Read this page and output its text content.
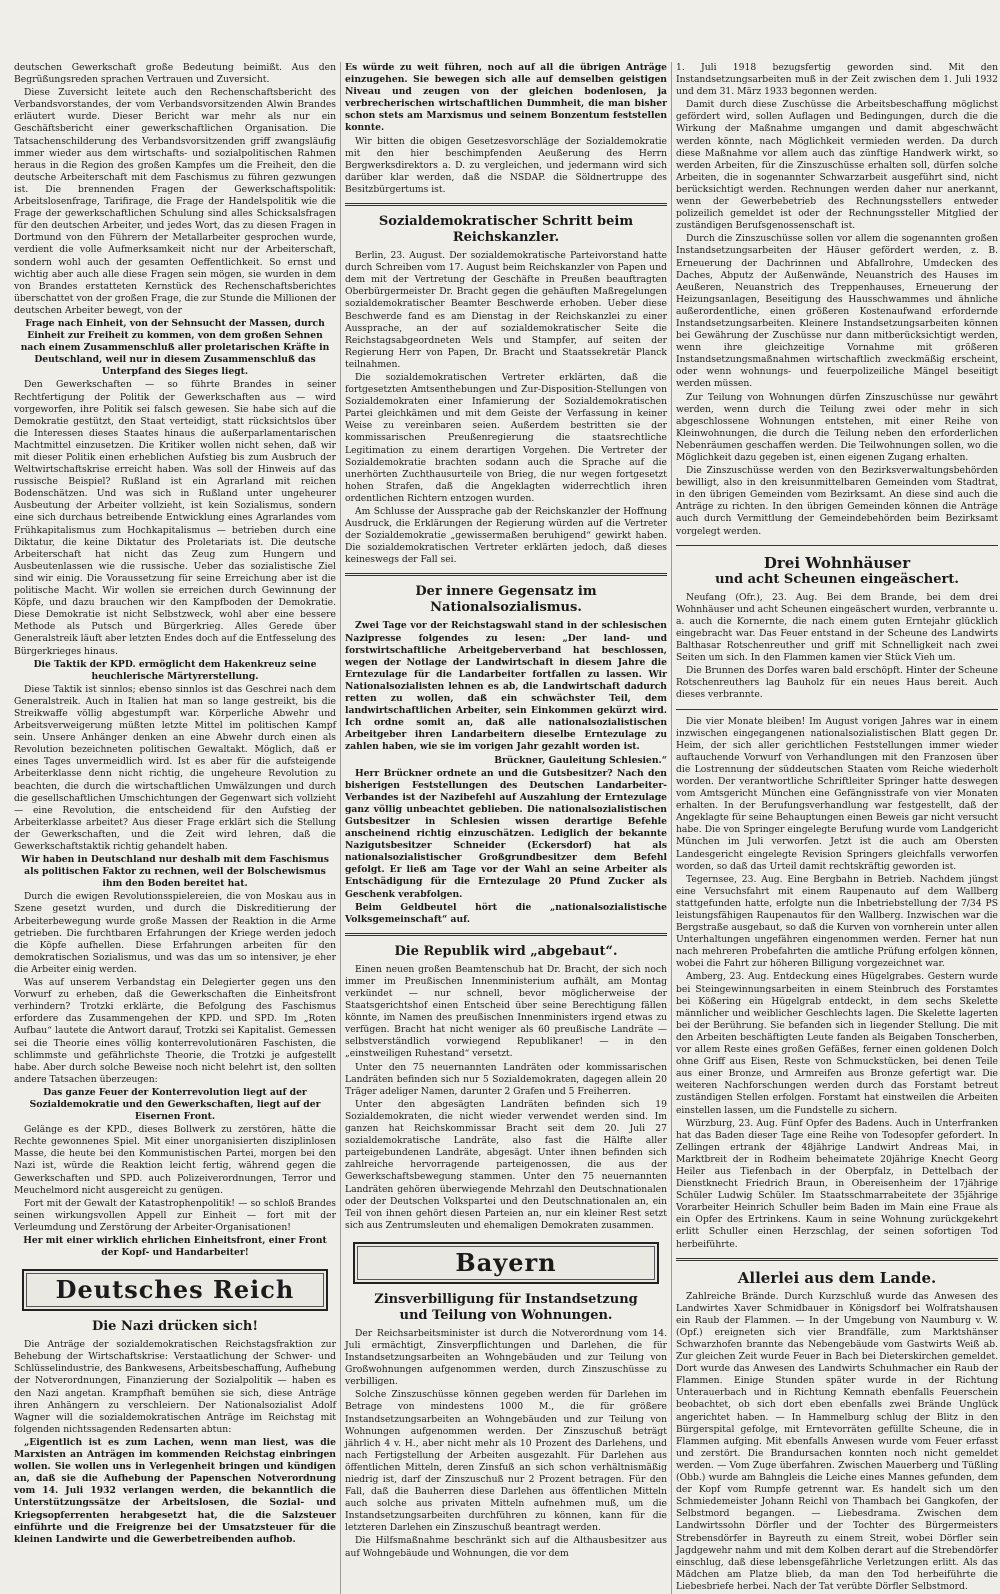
deutschen Gewerkschaft große Bedeutung beimißt. Aus den Begrüßungsreden sprachen Vertrauen und Zuversicht.

Diese Zuversicht leitete auch den Rechenschaftsbericht des Verbandsvorstandes, der vom Verbandsvorsitzenden Alwin Brandes erläutert wurde. Dieser Bericht war mehr als nur ein Geschäftsbericht einer gewerkschaftlichen Organisation. Die Tatsachenschilderung des Verbandsvorsitzenden griff zwangsläufig immer wieder aus dem wirtschafts- und sozialpolitischen Rahmen heraus in die Region des großen Kampfes um die Freiheit, den die deutsche Arbeiterschaft mit dem Faschismus zu führen gezwungen ist. Die brennenden Fragen der Gewerkschaftspolitik: Arbeitslosenfrage, Tarifirage, die Frage der Handelspolitik wie die Frage der gewerkschaftlichen Schulung sind alles Schicksalsfragen für den deutschen Arbeiter, und jedes Wort, das zu diesen Fragen in Dortmund von den Führern der Metallarbeiter gesprochen wurde, verdient die volle Aufmerksamkeit nicht nur der Arbeiterschaft, sondern wohl auch der gesamten Oeffentlichkeit. So ernst und wichtig aber auch alle diese Fragen sein mögen, sie wurden in dem von Brandes erstatteten Kernstück des Rechenschaftsberichtes überschattet von der großen Frage, die zur Stunde die Millionen der deutschen Arbeiter bewegt, von der

Frage nach Einheit, von der Sehnsucht der Massen, durch Einheit zur Freiheit zu kommen, von dem großen Sehnen nach einem Zusammenschluß aller proletarischen Kräfte in Deutschland, weil nur in diesem Zusammenschluß das Unterpfand des Sieges liegt.

Den Gewerkschaften — so führte Brandes in seiner Rechtfertigung der Politik der Gewerkschaften aus — wird vorgeworfen, ihre Politik sei falsch gewesen. Sie habe sich auf die Demokratie gestützt, den Staat verteidigt, statt rücksichtslos über die Interessen dieses Staates hinaus die außerparlamentarischen Machtmittel einzusetzen. Die Kritiker wollen nicht sehen, daß wir mit dieser Politik einen erheblichen Aufstieg bis zum Ausbruch der Weltwirtschaftskrise erreicht haben. Was soll der Hinweis auf das russische Beispiel? Rußland ist ein Agrarland mit reichen Bodenschätzen. Und was sich in Rußland unter ungeheurer Ausbeutung der Arbeiter vollzieht, ist kein Sozialismus, sondern eine sich durchaus betreibende Entwicklung eines Agrarlandes vom Frühkapitalismus zum Hochkapitalismus — betrieben durch eine Diktatur, die keine Diktatur des Proletariats ist. Die deutsche Arbeiterschaft hat nicht das Zeug zum Hungern und Ausbeutenlassen wie die russische. Ueber das sozialistische Ziel sind wir einig. Die Voraussetzung für seine Erreichung aber ist die politische Macht. Wir wollen sie erreichen durch Gewinnung der Köpfe, und dazu brauchen wir den Kampfboden der Demokratie. Diese Demokratie ist nicht Selbstzweck, wohl aber eine bessere Methode als Putsch und Bürgerkrieg. Alles Gerede über Generalstreik läuft aber letzten Endes doch auf die Entfesselung des Bürgerkrieges hinaus.

Die Taktik der KPD. ermöglicht dem Hakenkreuz seine heuchlerische Märtyrerstellung.

Diese Taktik ist sinnlos; ebenso sinnlos ist das Geschrei nach dem Generalstreik. Auch in Italien hat man so lange gestreikt, bis die Streikwaffe völlig abgestumpft war. Körperliche Abwehr und Arbeitsverweigerung müßten letzte Mittel im politischen Kampf sein. Unsere Anhänger denken an eine Abwehr durch einen als Revolution bezeichneten politischen Gewaltakt. Möglich, daß er eines Tages unvermeidlich wird. Ist es aber für die aufsteigende Arbeiterklasse denn nicht richtig, die ungeheure Revolution zu beachten, die durch die wirtschaftlichen Umwälzungen und durch die gesellschaftlichen Umschichtungen der Gegenwart sich vollzieht — eine Revolution, die entscheidend für den Aufstieg der Arbeiterklasse arbeitet? Aus dieser Frage erklärt sich die Stellung der Gewerkschaften, und die Zeit wird lehren, daß die Gewerkschaftstaktik richtig gehandelt haben.

Wir haben in Deutschland nur deshalb mit dem Faschismus als politischen Faktor zu rechnen, weil der Bolschewismus ihm den Boden bereitet hat.

Durch die ewigen Revolutionsspielereien, die von Moskau aus in Szene gesetzt wurden, und durch die Diskreditierung der Arbeiterbewegung wurde große Massen der Reaktion in die Arme getrieben. Die furchtbaren Erfahrungen der Kriege werden jedoch die Köpfe aufhellen. Diese Erfahrungen arbeiten für den demokratischen Sozialismus, und was das um so intensiver, je eher die Arbeiter einig werden.

Was auf unserem Verbandstag ein Delegierter gegen uns den Vorwurf zu erheben, daß die Gewerkschaften die Einheitsfront verhindern? Trotzki erklärte, die Befolgung des Faschismus erfordere das Zusammengehen der KPD. und SPD. Im „Roten Aufbau“ lautete die Antwort darauf, Trotzki sei Kapitalist. Gemessen sei die Theorie eines völlig konterrevolutionären Faschisten, die schlimmste und gefährlichste Theorie, die Trotzki je aufgestellt habe. Aber durch solche Beweise noch nicht belehrt ist, den sollten andere Tatsachen überzeugen:

Das ganze Feuer der Konterrevolution liegt auf der Sozialdemokratie und den Gewerkschaften, liegt auf der Eisernen Front.

Gelänge es der KPD., dieses Bollwerk zu zerstören, hätte die Rechte gewonnenes Spiel. Mit einer unorganisierten disziplinlosen Masse, die heute bei den Kommunistischen Partei, morgen bei den Nazi ist, würde die Reaktion leicht fertig, während gegen die Gewerkschaften und SPD. auch Polizeiverordnungen, Terror und Meuchelmord nicht ausgereicht zu genügen.

Fort mit der Gewalt der Katastrophenpolitik! — so schloß Brandes seinen wirkungsvollen Appell zur Einheit — fort mit der Verleumdung und Zerstörung der Arbeiter-Organisationen!

Her mit einer wirklich ehrlichen Einheitsfront, einer Front der Kopf- und Handarbeiter!

Deutsches Reich
Die Nazi drücken sich!

Die Anträge der sozialdemokratischen Reichstagsfraktion zur Behebung der Wirtschaftskrise: Verstaatlichung der Schwer- und Schlüsselindustrie, des Bankwesens, Arbeitsbeschaffung, Aufhebung der Notverordnungen, Finanzierung der Sozialpolitik — haben es den Nazi angetan. Krampfhaft bemühen sie sich, diese Anträge ihren Anhängern zu verschleiern. Der Nationalsozialist Adolf Wagner will die sozialdemokratischen Anträge im Reichstag mit folgenden nichtssagenden Redensarten abtun:

„Eigentlich ist es zum Lachen, wenn man liest, was die Marxisten an Anträgen im kommenden Reichstag einbringen wollen. Sie wollen uns in Verlegenheit bringen und kündigen an, daß sie die Aufhebung der Papenschen Notverordnung vom 14. Juli 1932 verlangen werden, die bekanntlich die Unterstützungssätze der Arbeitslosen, die Sozial- und Kriegsopferrenten herabgesetzt hat, die die Salzsteuer einführte und die Freigrenze bei der Umsatzsteuer für die kleinen Landwirte und die Gewerbetreibenden aufhob.

Es würde zu weit führen, noch auf all die übrigen Anträge einzugehen. Sie bewegen sich alle auf demselben geistigen Niveau und zeugen von der gleichen bodenlosen, ja verbrecherischen wirtschaftlichen Dummheit, die man bisher schon stets am Marxismus und seinem Bonzentum feststellen konnte.

Wir bitten die obigen Gesetzesvorschläge der Sozialdemokratie mit den hier beschimpfenden Aeußerung des Herrn Bergwerksdirektors a. D. zu vergleichen, und jedermann wird sich darüber klar werden, daß die NSDAP. die Söldnertruppe des Besitzbürgertums ist.

Sozialdemokratischer Schritt beim Reichskanzler.

Berlin, 23. August. Der sozialdemokratische Parteivorstand hatte durch Schreiben vom 17. August beim Reichskanzler von Papen und dem mit der Vertretung der Geschäfte in Preußen beauftragten Oberbürgermeister Dr. Bracht gegen die gehäuften Maßregelungen sozialdemokratischer Beamter Beschwerde erhoben. Ueber diese Beschwerde fand es am Dienstag in der Reichskanzlei zu einer Aussprache, an der auf sozialdemokratischer Seite die Reichstagsabgeordneten Wels und Stampfer, auf seiten der Regierung Herr von Papen, Dr. Bracht und Staatssekretär Planck teilnahmen.

Die sozialdemokratischen Vertreter erklärten, daß die fortgesetzten Amtsenthebungen und Zur-Disposition-Stellungen von Sozialdemokraten einer Infamierung der Sozialdemokratischen Partei gleichkämen und mit dem Geiste der Verfassung in keiner Weise zu vereinbaren seien. Außerdem bestritten sie der kommissarischen Preußenregierung die staatsrechtliche Legitimation zu einem derartigen Vorgehen. Die Vertreter der Sozialdemokratie brachten sodann auch die Sprache auf die unerhörten Zuchthausurteile von Brieg, die nur wegen fortgesetzt hohen Strafen, daß die Angeklagten widerrechtlich ihren ordentlichen Richtern entzogen wurden.

Am Schlusse der Aussprache gab der Reichskanzler der Hoffnung Ausdruck, die Erklärungen der Regierung würden auf die Vertreter der Sozialdemokratie „gewissermaßen beruhigend“ gewirkt haben. Die sozialdemokratischen Vertreter erklärten jedoch, daß dieses keineswegs der Fall sei.

Der innere Gegensatz im Nationalsozialismus.

Zwei Tage vor der Reichstagswahl stand in der schlesischen Nazipresse folgendes zu lesen: „Der land- und forstwirtschaftliche Arbeitgeberverband hat beschlossen, wegen der Notlage der Landwirtschaft in diesem Jahre die Erntezulage für die Landarbeiter fortfallen zu lassen. Wir Nationalsozialisten lehnen es ab, die Landwirtschaft dadurch retten zu wollen, daß ein schwächster Teil, dem landwirtschaftlichen Arbeiter, sein Einkommen gekürzt wird. Ich ordne somit an, daß alle nationalsozialistischen Arbeitgeber ihren Landarbeitern dieselbe Erntezulage zu zahlen haben, wie sie im vorigen Jahr gezahlt worden ist.

Brückner, Gauleitung Schlesien.“

Herr Brückner ordnete an und die Gutsbesitzer? Nach den bisherigen Feststellungen des Deutschen Landarbeiter-Verbandes ist der Nazibefehl auf Auszahlung der Erntezulage ganz völlig unbeachtet geblieben. Die nationalsozialistischen Gutsbesitzer in Schlesien wissen derartige Befehle anscheinend richtig einzuschätzen. Lediglich der bekannte Nazigutsbesitzer Schneider (Eckersdorf) hat als nationalsozialistischer Großgrundbesitzer dem Befehl gefolgt. Er ließ am Tage vor der Wahl an seine Arbeiter als Entschädigung für die Erntezulage 20 Pfund Zucker als Geschenk verabfolgen.

Beim Geldbeutel hört die „nationalsozialistische Volksgemeinschaft“ auf.

Die Republik wird „abgebaut“.

Einen neuen großen Beamtenschub hat Dr. Bracht, der sich noch immer im Preußischen Innenministerium aufhält, am Montag verkündet — nur schnell, bevor möglicherweise der Staatsgerichtshof einen Entscheid über seine Berechtigung fällen könnte, im Namen des preußischen Innenministers irgend etwas zu verfügen. Bracht hat nicht weniger als 60 preußische Landräte — selbstverständlich vorwiegend Republikaner! — in den „einstweiligen Ruhestand“ versetzt.

Unter den 75 neuernannten Landräten oder kommissarischen Landräten befinden sich nur 5 Sozialdemokraten, dagegen allein 20 Träger adeliger Namen, darunter 2 Grafen und 5 Freiherren.

Unter den abgesägten Landräten befinden sich 19 Sozialdemokraten, die nicht wieder verwendet werden sind. Im ganzen hat Reichskommissar Bracht seit dem 20. Juli 27 sozialdemokratische Landräte, also fast die Hälfte aller parteigebundenen Landräte, abgesägt. Unter ihnen befinden sich zahlreiche hervorragende parteigenossen, die aus der Gewerkschaftsbewegung stammen. Unter den 75 neuernannten Landräten gehören überwiegende Mehrzahl den Deutschnationalen oder der Deutschen Volkspartei und den Deutschnationalen an, ein Teil von ihnen gehört diesen Parteien an, nur ein kleiner Rest setzt sich aus Zentrumsleuten und ehemaligen Demokraten zusammen.

Bayern
Zinsverbilligung für Instandsetzung
und Teilung von Wohnungen.

Der Reichsarbeitsminister ist durch die Notverordnung vom 14. Juli ermächtigt, Zinsverpflichtungen und Darlehen, die für Instandsetzungsarbeiten an Wohngebäuden und zur Teilung von Großwohnungen aufgenommen werden, durch Zinszuschüsse zu verbilligen.

Solche Zinszuschüsse können gegeben werden für Darlehen im Betrage von mindestens 1000 M., die für größere Instandsetzungsarbeiten an Wohngebäuden und zur Teilung von Wohnungen aufgenommen werden. Der Zinszuschuß beträgt jährlich 4 v. H., aber nicht mehr als 10 Prozent des Darlehens, und nach Fertigstellung der Arbeiten ausgezahlt. Für Darlehen aus öffentlichen Mitteln, deren Zinsfuß an sich schon verhältnismäßig niedrig ist, darf der Zinszuschuß nur 2 Prozent betragen. Für den Fall, daß die Bauherren diese Darlehen aus öffentlichen Mitteln auch solche aus privaten Mitteln aufnehmen muß, um die Instandsetzungsarbeiten durchführen zu können, kann für die letzteren Darlehen ein Zinszuschuß beantragt werden.

Die Hilfsmaßnahme beschränkt sich auf die Althausbesitzer aus auf Wohngebäude und Wohnungen, die vor dem

1. Juli 1918 bezugsfertig geworden sind. Mit den Instandsetzungsarbeiten muß in der Zeit zwischen dem 1. Juli 1932 und dem 31. März 1933 begonnen werden.

Damit durch diese Zuschüsse die Arbeitsbeschaffung möglichst gefördert wird, sollen Auflagen und Bedingungen, durch die die Wirkung der Maßnahme umgangen und damit abgeschwächt werden könnte, nach Möglichkeit vermieden werden. Da durch diese Maßnahme vor allem auch das zünftige Handwerk wirkt, so werden Arbeiten, für die Zinszuschüsse erhalten soll, dürfen solche Arbeiten, die in sogenannter Schwarzarbeit ausgeführt sind, nicht berücksichtigt werden. Rechnungen werden daher nur anerkannt, wenn der Gewerbebetrieb des Rechnungsstellers entweder polizeilich gemeldet ist oder der Rechnungssteller Mitglied der zuständigen Berufsgenossenschaft ist.

Durch die Zinszuschüsse sollen vor allem die sogenannten großen Instandsetzungsarbeiten der Häuser gefördert werden, z. B. Erneuerung der Dachrinnen und Abfallrohre, Umdecken des Daches, Abputz der Außenwände, Neuanstrich des Hauses im Aeußeren, Neuanstrich des Treppenhauses, Erneuerung der Heizungsanlagen, Beseitigung des Hausschwammes und ähnliche außerordentliche, einen größeren Kostenaufwand erfordernde Instandsetzungsarbeiten. Kleinere Instandsetzungsarbeiten können bei Gewährung der Zuschüsse nur dann mitberücksichtigt werden, wenn ihre gleichzeitige Vornahme mit größeren Instandsetzungsmaßnahmen wirtschaftlich zweckmäßig erscheint, oder wenn wohnungs- und feuerpolizeiliche Mängel beseitigt werden müssen.

Zur Teilung von Wohnungen dürfen Zinszuschüsse nur gewährt werden, wenn durch die Teilung zwei oder mehr in sich abgeschlossene Wohnungen entstehen, mit einer Reihe von Kleinwohnungen, die durch die Teilung neben den erforderlichen Nebenräumen geschaffen werden. Die Teilwohnungen sollen, wo die Möglichkeit dazu gegeben ist, einen eigenen Zugang erhalten.

Die Zinszuschüsse werden von den Bezirksverwaltungsbehörden bewilligt, also in den kreisunmittelbaren Gemeinden vom Stadtrat, in den übrigen Gemeinden vom Bezirksamt. An diese sind auch die Anträge zu richten. In den übrigen Gemeinden können die Anträge auch durch Vermittlung der Gemeindebehörden beim Bezirksamt vorgelegt werden.

Drei Wohnhäuser
und acht Scheunen eingeäschert.

Neufang (Ofr.), 23. Aug. Bei dem Brande, bei dem drei Wohnhäuser und acht Scheunen eingeäschert wurden, verbrannte u. a. auch die Kornernte, die nach einem guten Erntejahr glücklich eingebracht war. Das Feuer entstand in der Scheune des Landwirts Balthasar Rotschenreuther und griff mit Schnelligkeit nach zwei Seiten um sich. In den Flammen kamen vier Stück Vieh um.

Die Brunnen des Dorfes waren bald erschöpft. Hinter der Scheune Rotschenreuthers lag Bauholz für ein neues Haus bereit. Auch dieses verbrannte.

Die vier Monate bleiben! Im August vorigen Jahres war in einem inzwischen eingegangenen nationalsozialistischen Blatt gegen Dr. Heim, der sich aller gerichtlichen Feststellungen immer wieder auftauchende Vorwurf von Verhandlungen mit den Franzosen über die Lostrennung der süddeutschen Staaten vom Reiche wiederholt worden. Der verantwortliche Schriftleiter Springer hatte deswegen vom Amtsgericht München eine Gefängnisstrafe von vier Monaten erhalten. In der Berufungsverhandlung war festgestellt, daß der Angeklagte für seine Behauptungen einen Beweis gar nicht versucht habe. Die von Springer eingelegte Berufung wurde vom Landgericht München im Juli verworfen. Jetzt ist die auch am Obersten Landesgericht eingelegte Revision Springers gleichfalls verworfen worden, so daß das Urteil damit rechtskräftig geworden ist.

Tegernsee, 23. Aug. Eine Bergbahn in Betrieb. Nachdem jüngst eine Versuchsfahrt mit einem Raupenauto auf dem Wallberg stattgefunden hatte, erfolgte nun die Inbetriebstellung der 7/34 PS leistungsfähigen Raupenautos für den Wallberg. Inzwischen war die Bergstraße ausgebaut, so daß die Kurven von vornherein unter allen Unterhaltungen ungefähren eingenommen werden. Ferner hat nun nach mehreren Probefahrten die amtliche Prüfung erfolgen können, wobei die Fahrt zur höheren Billigung vorgezeichnet war.

Amberg, 23. Aug. Entdeckung eines Hügelgrabes. Gestern wurde bei Steingewinnungsarbeiten in einem Steinbruch des Forstamtes bei Kößering ein Hügelgrab entdeckt, in dem sechs Skelette männlicher und weiblicher Geschlechts lagen. Die Skelette lagerten bei der Berührung. Sie befanden sich in liegender Stellung. Die mit den Arbeiten beschäftigten Leute fanden als Beigaben Tonscherben, vor allem Reste eines großen Gefäßes, ferner einen goldenen Dolch ohne Griff aus Eisen, Reste von Schmuckstücken, bei denen Teile aus einer Bronze, und Armreifen aus Bronze gefertigt war. Die weiteren Nachforschungen werden durch das Forstamt betreut zuständigen Stellen erfolgen. Forstamt hat einstweilen die Arbeiten einstellen lassen, um die Fundstelle zu sichern.

Würzburg, 23. Aug. Fünf Opfer des Badens. Auch in Unterfranken hat das Baden dieser Tage eine Reihe von Todesopfer gefordert. In Zellingen ertrank der 48jährige Landwirt Andreas Mai, in Marktbreit der in Rodheim beheimatete 20jährige Knecht Georg Heiler aus Tiefenbach in der Oberpfalz, in Dettelbach der Dienstknecht Friedrich Braun, in Obereisenheim der 17jährige Schüler Ludwig Schüler. Im Staatsschmarrabeitete der 35jährige Vorarbeiter Heinrich Schuller beim Baden im Main eine Fraue als ein Opfer des Ertrinkens. Kaum in seine Wohnung zurückgekehrt erlitt Schuller einen Herzschlag, der seinen sofortigen Tod herbeiführte.

Allerlei aus dem Lande.

Zahlreiche Brände. Durch Kurzschluß wurde das Anwesen des Landwirtes Xaver Schmidbauer in Königsdorf bei Wolfratshausen ein Raub der Flammen. — In der Umgebung von Naumburg v. W. (Opf.) ereigneten sich vier Brandfälle, zum Marktshänser Schwarzhofen brannte das Nebengebäude vom Gastwirts Weiß ab. Zur gleichen Zeit wurde Feuer in Bach bei Dieterskirchen gemeldet. Dort wurde das Anwesen des Landwirts Schuhmacher ein Raub der Flammen. Einige Stunden später wurde in der Richtung Unterauerbach und in Richtung Kemnath ebenfalls Feuerschein beobachtet, ob sich dort eben ebenfalls zwei Brände Unglück angerichtet haben. — In Hammelburg schlug der Blitz in den Bürgerspital gefolge, mit Erntevorräten gefüllte Scheune, die in Flammen aufging. Mit ebenfalls Anwesen wurde vom Feuer erfasst und zerstört. Die Brandursachen konnten noch nicht gemeldet werden. — Vom Zuge überfahren. Zwischen Mauerberg und Tüßling (Obb.) wurde am Bahngleis die Leiche eines Mannes gefunden, dem der Kopf vom Rumpfe getrennt war. Es handelt sich um den Schmiedemeister Johann Reichl von Thambach bei Gangkofen, der Selbstmord begangen. — Liebesdrama. Zwischen dem Landwirtssohn Dörfler und der Tochter des Bürgermeisters Strebensdörfer in Bayreuth zu einem Streit, wobei Dörfler sein Jagdgewehr nahm und mit dem Kolben derart auf die Strebendörfer einschlug, daß diese lebensgefährliche Verletzungen erlitt. Als das Mädchen am Platze blieb, da man den Tod herbeiführte die Liebesbriefe herbei. Nach der Tat verübte Dörfler Selbstmord.
